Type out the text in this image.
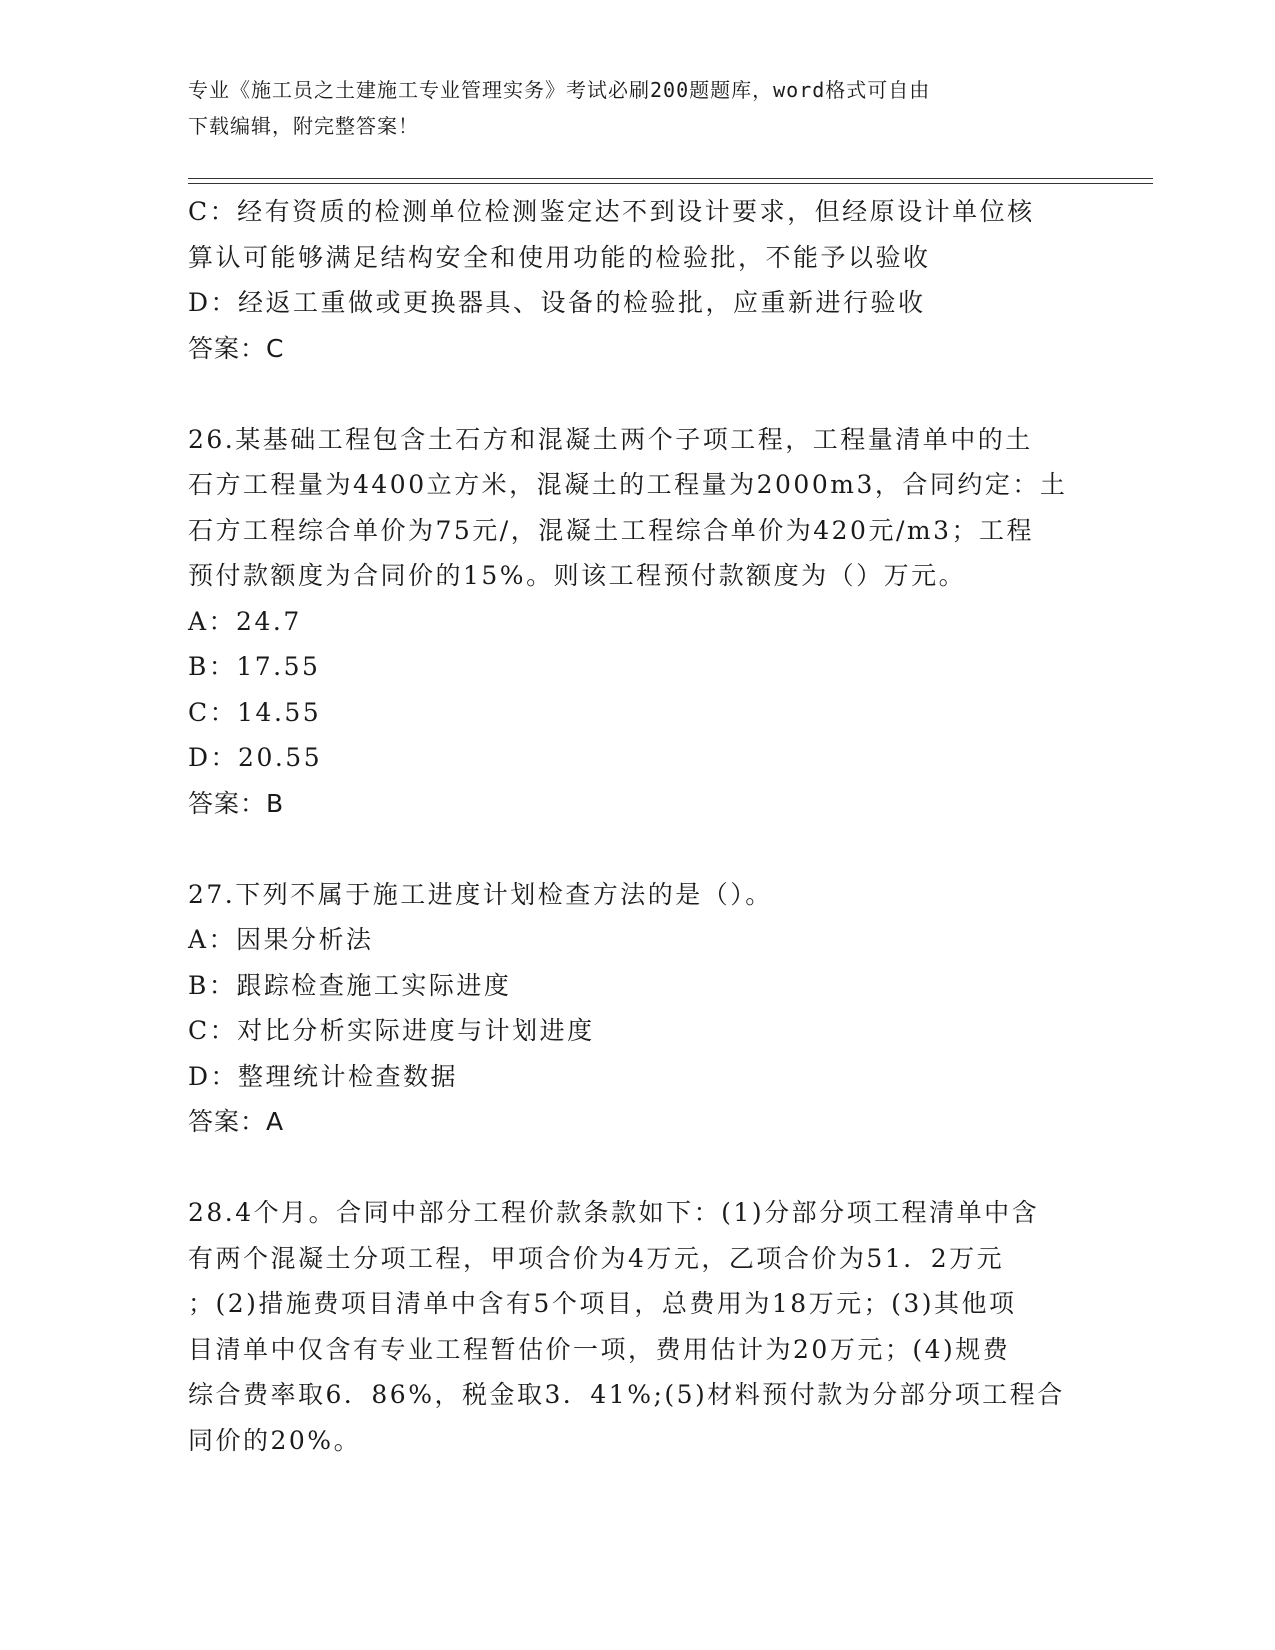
专业《施工员之土建施工专业管理实务》考试必刷200题题库，word格式可自由
下载编辑，附完整答案！
C：经有资质的检测单位检测鉴定达不到设计要求，但经原设计单位核
算认可能够满足结构安全和使用功能的检验批，不能予以验收
D：经返工重做或更换器具、设备的检验批，应重新进行验收
答案：C
26.某基础工程包含土石方和混凝土两个子项工程，工程量清单中的土
石方工程量为4400立方米，混凝土的工程量为2000m3，合同约定：土
石方工程综合单价为75元/，混凝土工程综合单价为420元/m3；工程
预付款额度为合同价的15%。则该工程预付款额度为（）万元。
A：24.7
B：17.55
C：14.55
D：20.55
答案：B
27.下列不属于施工进度计划检查方法的是（）。
A：因果分析法
B：跟踪检查施工实际进度
C：对比分析实际进度与计划进度
D：整理统计检查数据
答案：A
28.4个月。合同中部分工程价款条款如下：(1)分部分项工程清单中含
有两个混凝土分项工程，甲项合价为4万元，乙项合价为51．2万元
；(2)措施费项目清单中含有5个项目，总费用为18万元；(3)其他项
目清单中仅含有专业工程暂估价一项，费用估计为20万元；(4)规费
综合费率取6．86%，税金取3．41%;(5)材料预付款为分部分项工程合
同价的20%。
